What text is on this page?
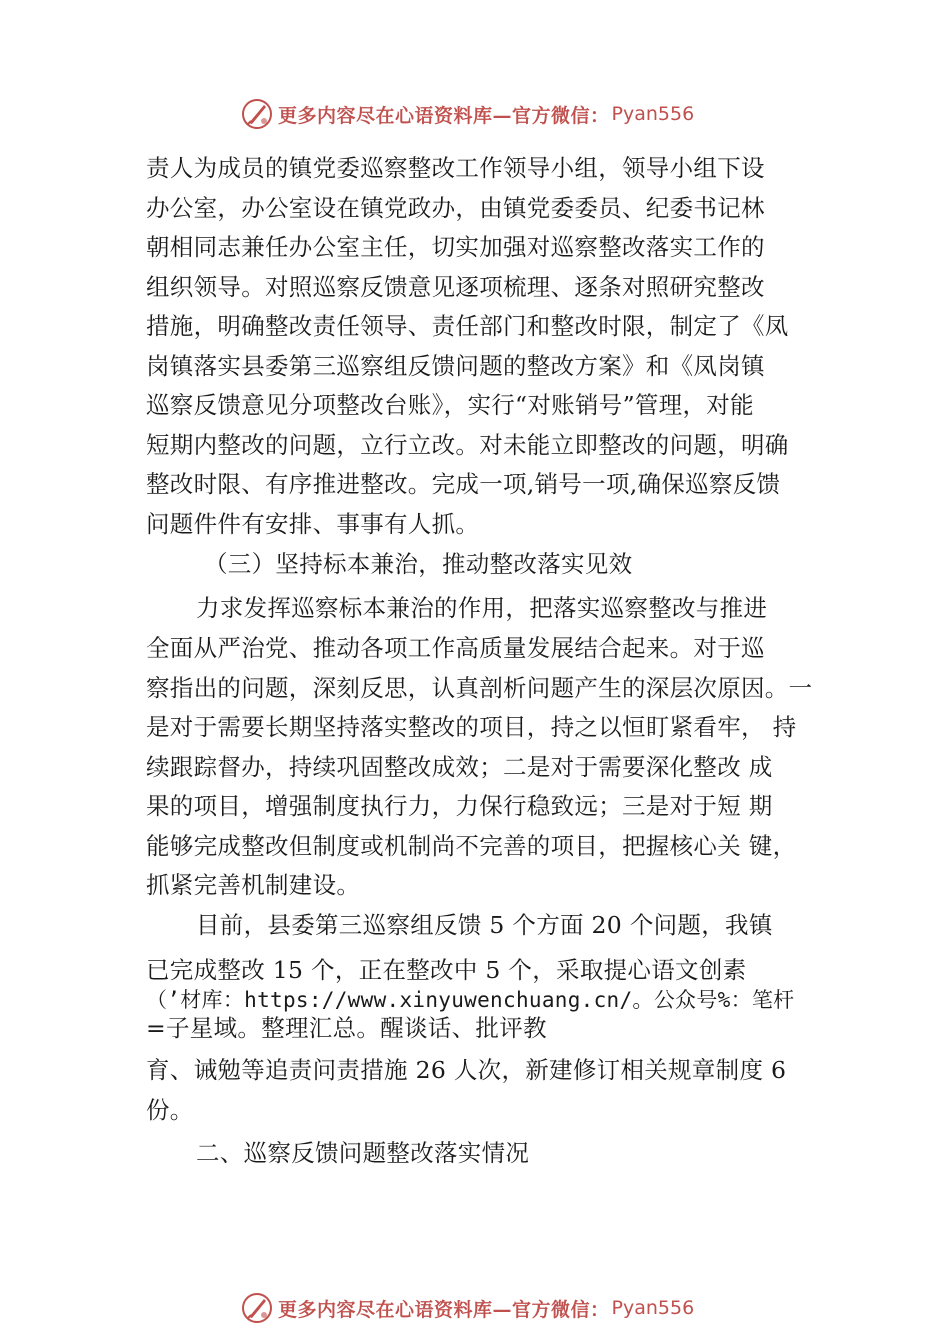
更多内容尽在心语资料库—官方微信： Pyan556
责人为成员的镇党委巡察整改工作领导小组，领导小组下设
办公室，办公室设在镇党政办，由镇党委委员、纪委书记林
朝相同志兼任办公室主任，切实加强对巡察整改落实工作的
组织领导。对照巡察反馈意见逐项梳理、逐条对照研究整改
措施，明确整改责任领导、责任部门和整改时限，制定了《凤
岗镇落实县委第三巡察组反馈问题的整改方案》和《凤岗镇
巡察反馈意见分项整改台账》，实行“对账销号”管理，对能
短期内整改的问题，立行立改。对未能立即整改的问题，明确
整改时限、有序推进整改。完成一项,销号一项,确保巡察反馈
问题件件有安排、事事有人抓。
（三）坚持标本兼治，推动整改落实见效
力求发挥巡察标本兼治的作用，把落实巡察整改与推进
全面从严治党、推动各项工作高质量发展结合起来。对于巡
察指出的问题，深刻反思，认真剖析问题产生的深层次原因。一
是对于需要长期坚持落实整改的项目，持之以恒盯紧看牢， 持
续跟踪督办，持续巩固整改成效；二是对于需要深化整改 成
果的项目，增强制度执行力，力保行稳致远；三是对于短 期
能够完成整改但制度或机制尚不完善的项目，把握核心关 键，
抓紧完善机制建设。
目前，县委第三巡察组反馈 5 个方面 20 个问题，我镇
已完成整改 15 个，正在整改中 5 个，采取提心语文创素
（’材库：https://www.xinyuwenchuang.cn/。公众号%：笔杆
=子星域。整理汇总。醒谈话、批评教
育、诫勉等追责问责措施 26 人次，新建修订相关规章制度 6
份。
二、巡察反馈问题整改落实情况
更多内容尽在心语资料库—官方微信： Pyan556
